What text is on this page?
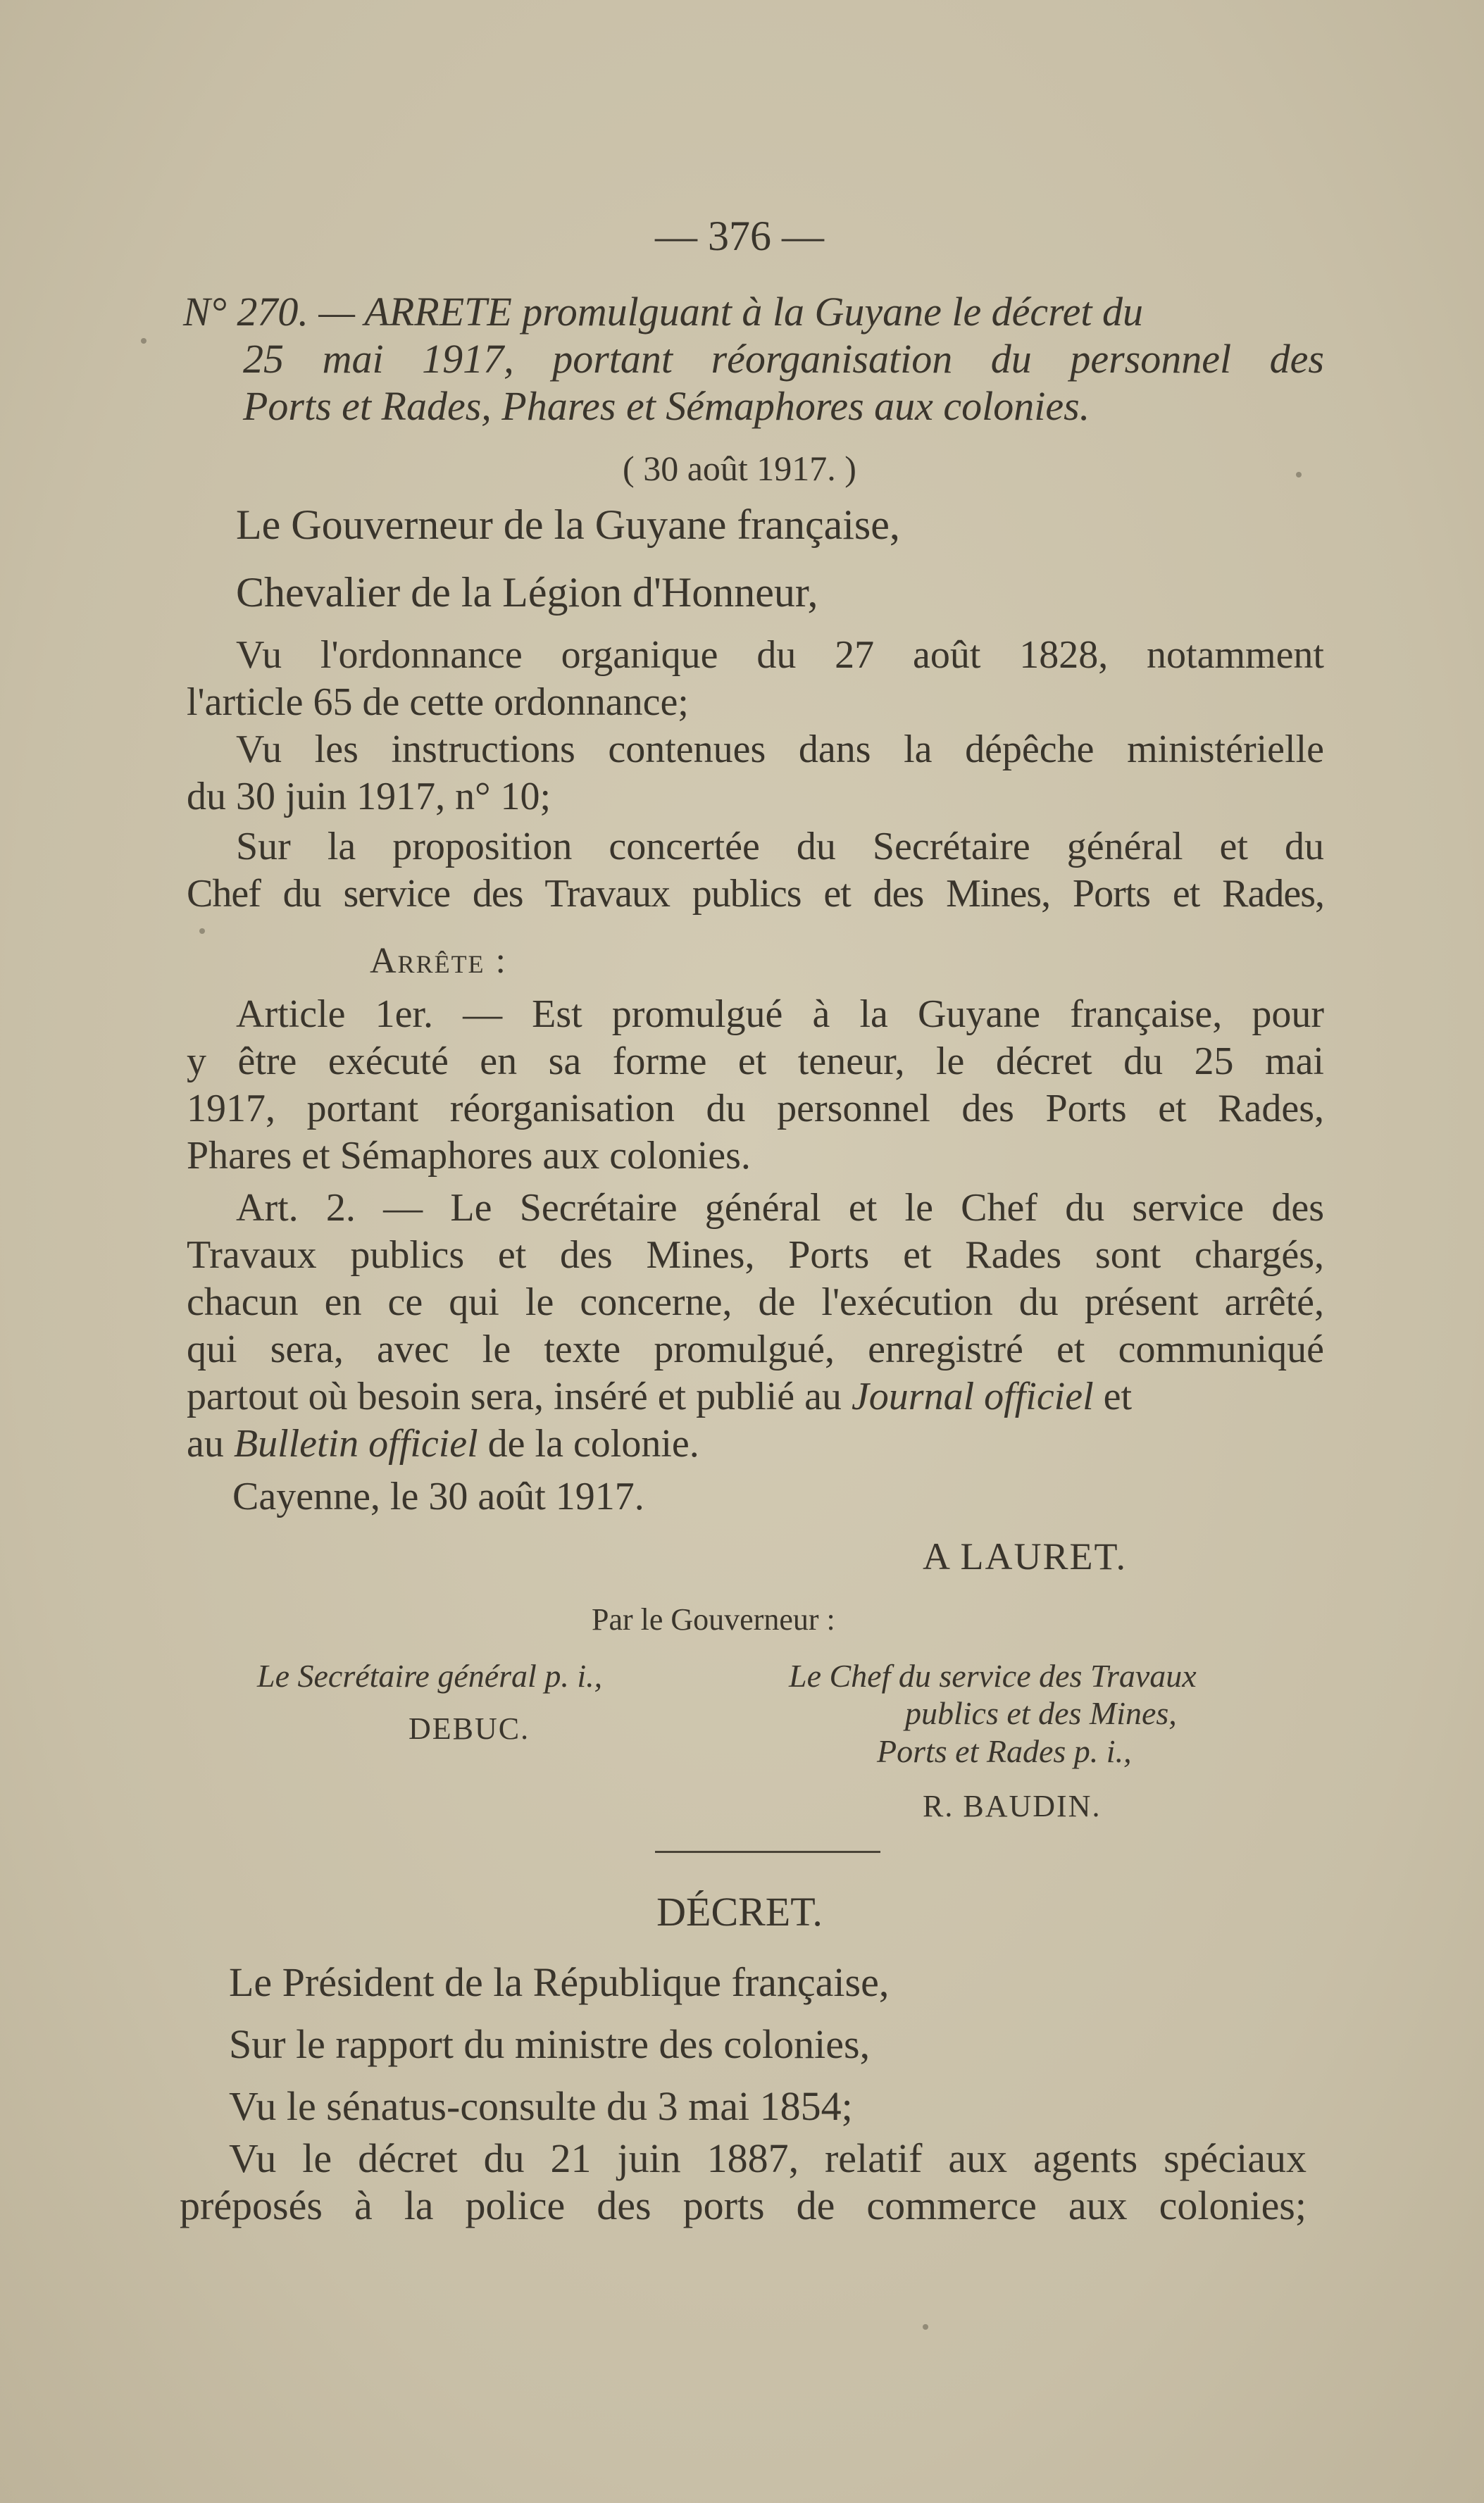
— 376 —
N° 270. — ARRETE promulguant à la Guyane le décret du
25 mai 1917, portant réorganisation du personnel des
Ports et Rades, Phares et Sémaphores aux colonies.
( 30 août 1917. )
Le Gouverneur de la Guyane française,
Chevalier de la Légion d'Honneur,
Vu l'ordonnance organique du 27 août 1828, notamment
l'article 65 de cette ordonnance;
Vu les instructions contenues dans la dépêche ministérielle
du 30 juin 1917, n° 10;
Sur la proposition concertée du Secrétaire général et du
Chef du service des Travaux publics et des Mines, Ports et Rades,
Arrête :
Article 1er. — Est promulgué à la Guyane française, pour
y être exécuté en sa forme et teneur, le décret du 25 mai
1917, portant réorganisation du personnel des Ports et Rades,
Phares et Sémaphores aux colonies.
Art. 2. — Le Secrétaire général et le Chef du service des
Travaux publics et des Mines, Ports et Rades sont chargés,
chacun en ce qui le concerne, de l'exécution du présent arrêté,
qui sera, avec le texte promulgué, enregistré et communiqué
partout où besoin sera, inséré et publié au Journal officiel et
au Bulletin officiel de la colonie.
Cayenne, le 30 août 1917.
A LAURET.
Par le Gouverneur :
Le Secrétaire général p. i.,
DEBUC.
Le Chef du service des Travaux
publics et des Mines,
Ports et Rades p. i.,
R. BAUDIN.
DÉCRET.
Le Président de la République française,
Sur le rapport du ministre des colonies,
Vu le sénatus-consulte du 3 mai 1854;
Vu le décret du 21 juin 1887, relatif aux agents spéciaux
préposés à la police des ports de commerce aux colonies;
